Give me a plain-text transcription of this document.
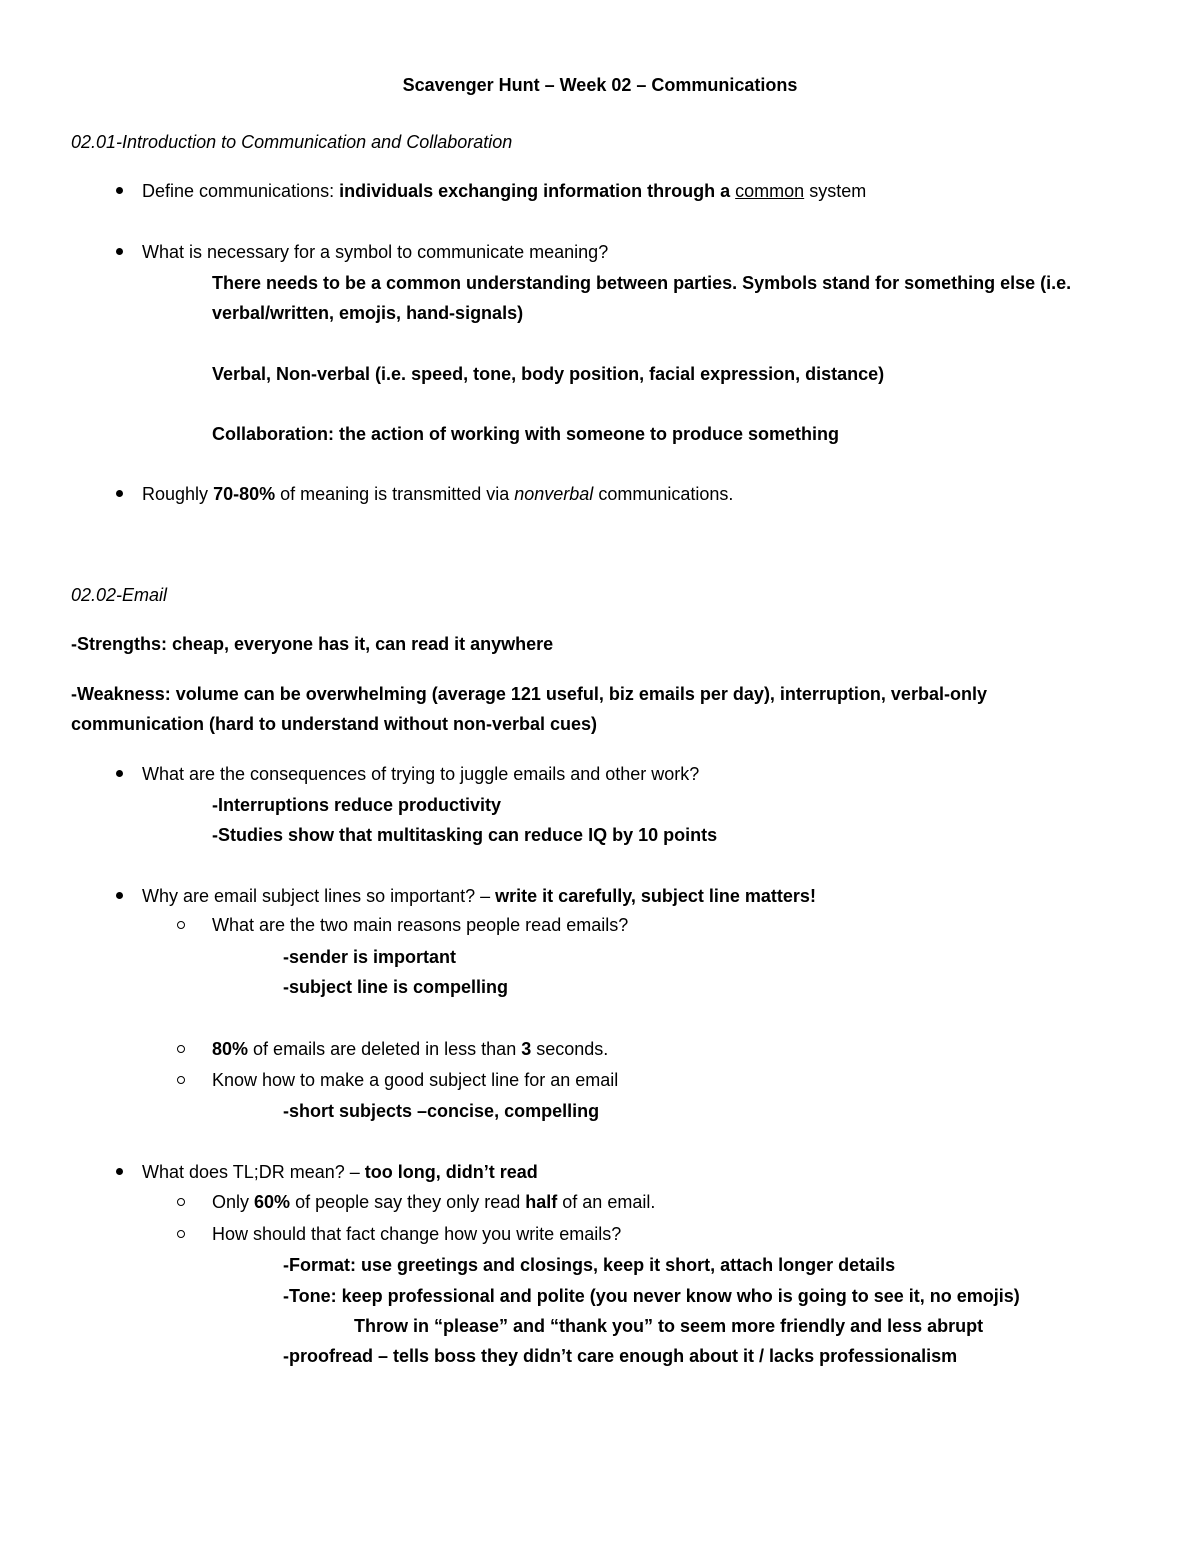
Scavenger Hunt – Week 02 – Communications
02.01-Introduction to Communication and Collaboration
Define communications: individuals exchanging information through a common system
What is necessary for a symbol to communicate meaning?
There needs to be a common understanding between parties. Symbols stand for something else (i.e.
verbal/written, emojis, hand-signals)
Verbal, Non-verbal (i.e. speed, tone, body position, facial expression, distance)
Collaboration: the action of working with someone to produce something
Roughly 70-80% of meaning is transmitted via nonverbal communications.
02.02-Email
-Strengths: cheap, everyone has it, can read it anywhere
-Weakness: volume can be overwhelming (average 121 useful, biz emails per day), interruption, verbal-only
communication (hard to understand without non-verbal cues)
What are the consequences of trying to juggle emails and other work?
-Interruptions reduce productivity
-Studies show that multitasking can reduce IQ by 10 points
Why are email subject lines so important? – write it carefully, subject line matters!
What are the two main reasons people read emails?
-sender is important
-subject line is compelling
80% of emails are deleted in less than 3 seconds.
Know how to make a good subject line for an email
-short subjects –concise, compelling
What does TL;DR mean? – too long, didn’t read
Only 60% of people say they only read half of an email.
How should that fact change how you write emails?
-Format: use greetings and closings, keep it short, attach longer details
-Tone: keep professional and polite (you never know who is going to see it, no emojis)
Throw in “please” and “thank you” to seem more friendly and less abrupt
-proofread – tells boss they didn’t care enough about it / lacks professionalism
